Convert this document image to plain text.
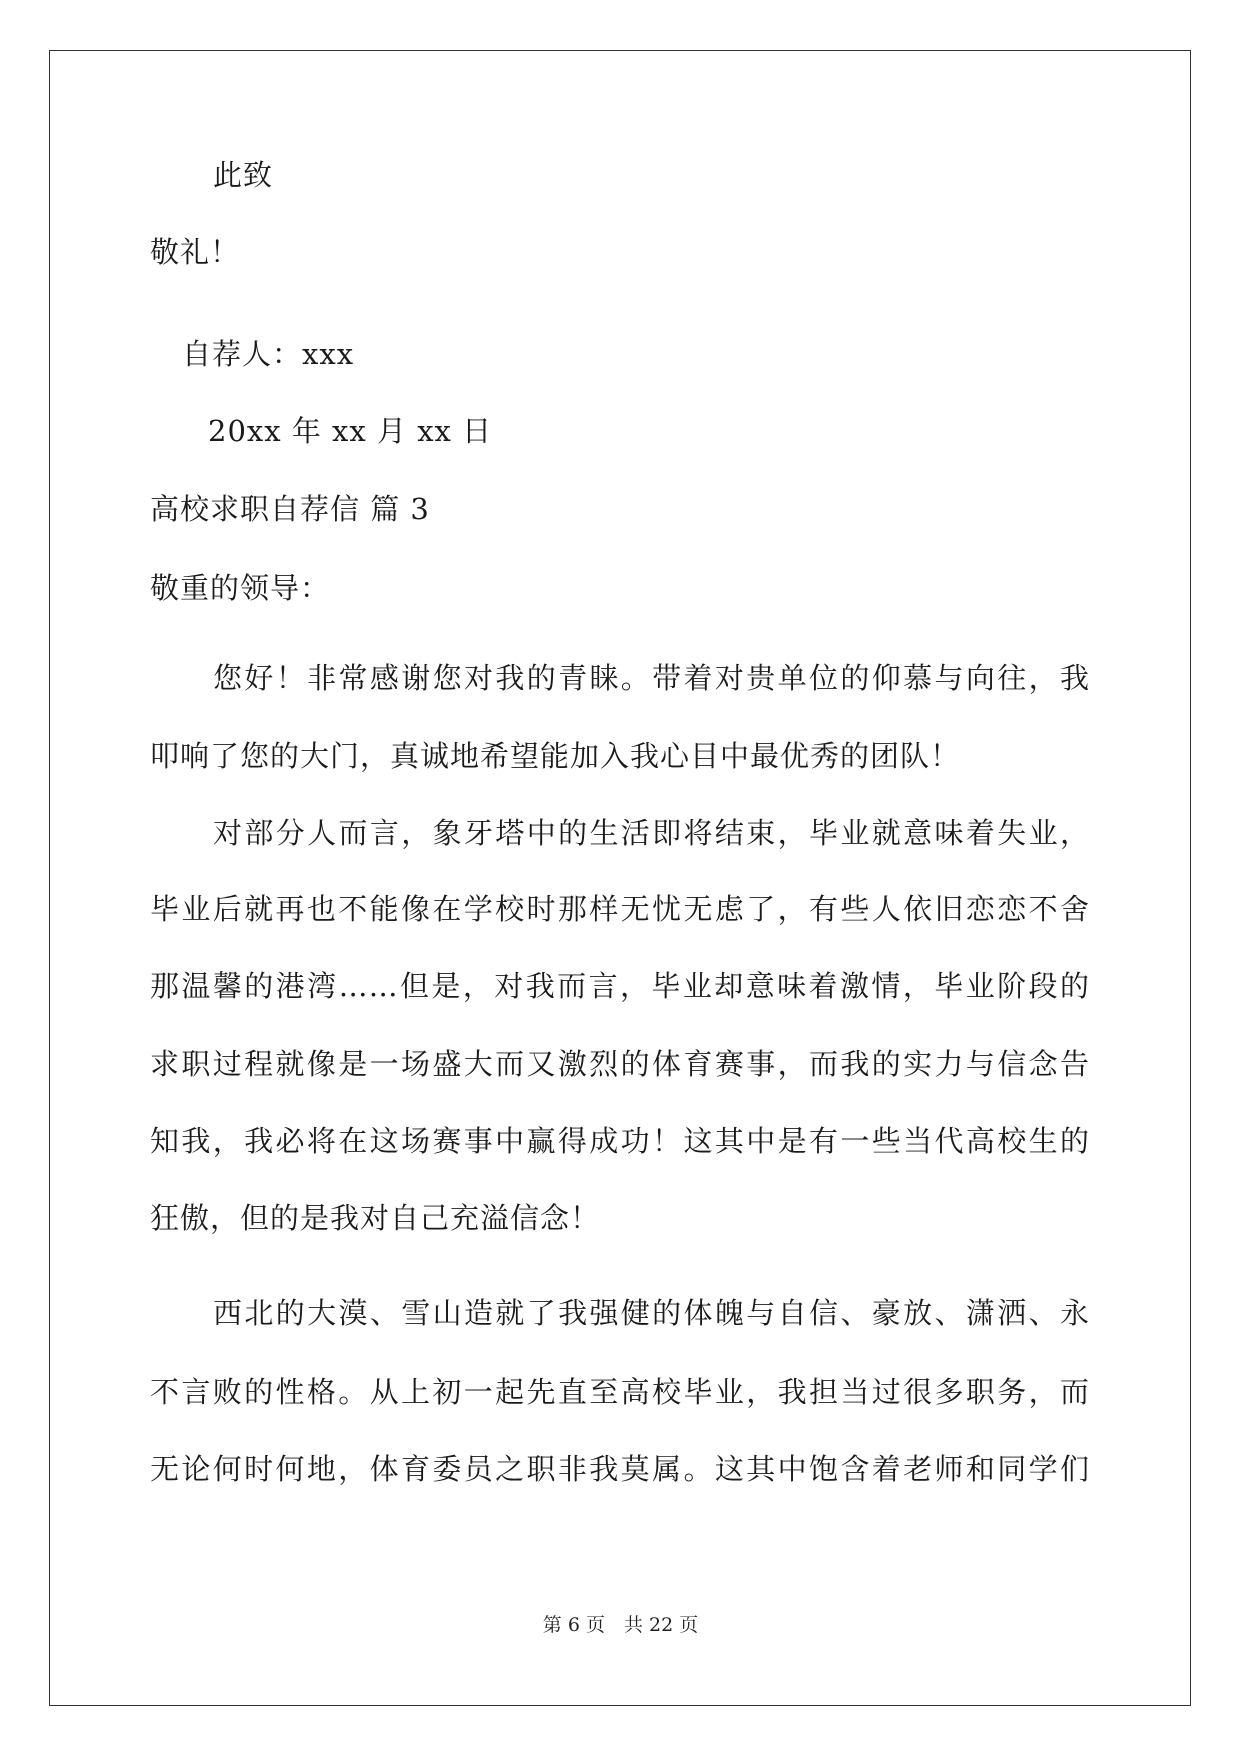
此致
敬礼！
自荐人：xxx
20xx 年 xx 月 xx 日
高校求职自荐信 篇 3
敬重的领导：
您好！非常感谢您对我的青睐。带着对贵单位的仰慕与向往，我
叩响了您的大门，真诚地希望能加入我心目中最优秀的团队！
对部分人而言，象牙塔中的生活即将结束，毕业就意味着失业，
毕业后就再也不能像在学校时那样无忧无虑了，有些人依旧恋恋不舍
那温馨的港湾……但是，对我而言，毕业却意味着激情，毕业阶段的
求职过程就像是一场盛大而又激烈的体育赛事，而我的实力与信念告
知我，我必将在这场赛事中赢得成功！这其中是有一些当代高校生的
狂傲，但的是我对自己充溢信念！
西北的大漠、雪山造就了我强健的体魄与自信、豪放、潇洒、永
不言败的性格。从上初一起先直至高校毕业，我担当过很多职务，而
无论何时何地，体育委员之职非我莫属。这其中饱含着老师和同学们
第 6 页　共 22 页
